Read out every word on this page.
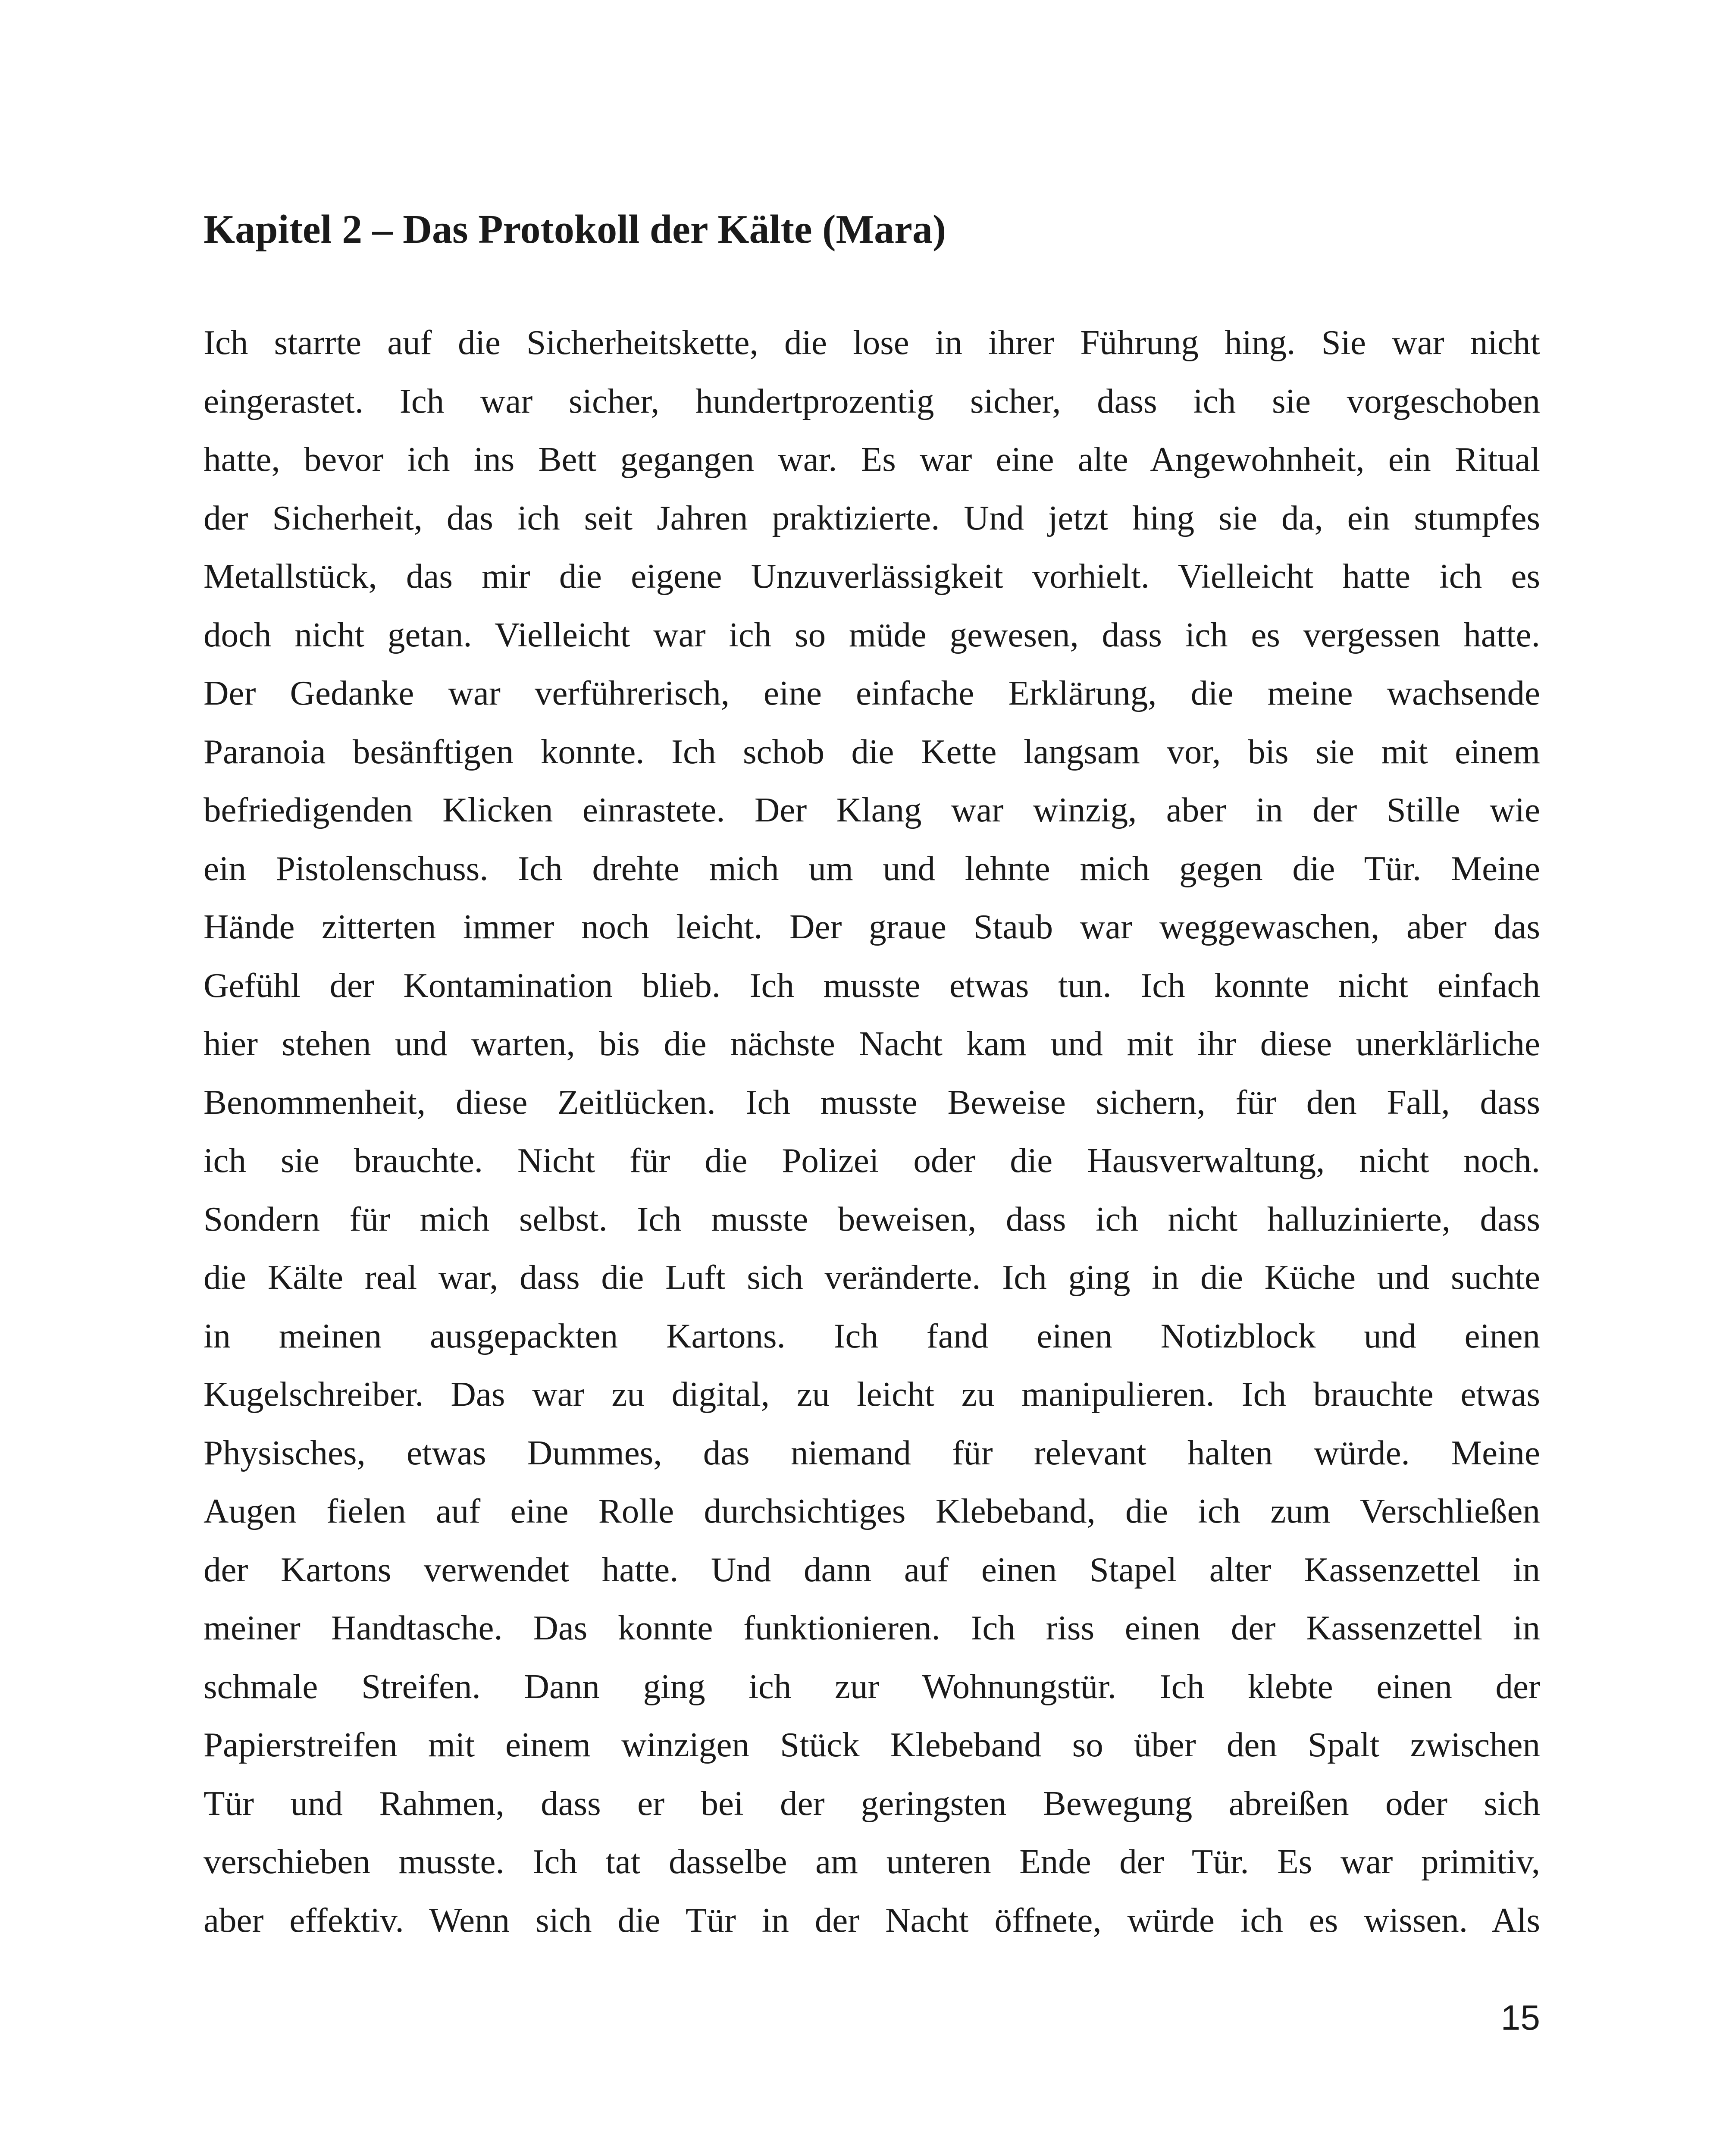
Kapitel 2 – Das Protokoll der Kälte (Mara)
Ich starrte auf die Sicherheitskette, die lose in ihrer Führung hing. Sie war nicht
eingerastet. Ich war sicher, hundertprozentig sicher, dass ich sie vorgeschoben
hatte, bevor ich ins Bett gegangen war. Es war eine alte Angewohnheit, ein Ritual
der Sicherheit, das ich seit Jahren praktizierte. Und jetzt hing sie da, ein stumpfes
Metallstück, das mir die eigene Unzuverlässigkeit vorhielt. Vielleicht hatte ich es
doch nicht getan. Vielleicht war ich so müde gewesen, dass ich es vergessen hatte.
Der Gedanke war verführerisch, eine einfache Erklärung, die meine wachsende
Paranoia besänftigen konnte. Ich schob die Kette langsam vor, bis sie mit einem
befriedigenden Klicken einrastete. Der Klang war winzig, aber in der Stille wie
ein Pistolenschuss. Ich drehte mich um und lehnte mich gegen die Tür. Meine
Hände zitterten immer noch leicht. Der graue Staub war weggewaschen, aber das
Gefühl der Kontamination blieb. Ich musste etwas tun. Ich konnte nicht einfach
hier stehen und warten, bis die nächste Nacht kam und mit ihr diese unerklärliche
Benommenheit, diese Zeitlücken. Ich musste Beweise sichern, für den Fall, dass
ich sie brauchte. Nicht für die Polizei oder die Hausverwaltung, nicht noch.
Sondern für mich selbst. Ich musste beweisen, dass ich nicht halluzinierte, dass
die Kälte real war, dass die Luft sich veränderte. Ich ging in die Küche und suchte
in meinen ausgepackten Kartons. Ich fand einen Notizblock und einen
Kugelschreiber. Das war zu digital, zu leicht zu manipulieren. Ich brauchte etwas
Physisches, etwas Dummes, das niemand für relevant halten würde. Meine
Augen fielen auf eine Rolle durchsichtiges Klebeband, die ich zum Verschließen
der Kartons verwendet hatte. Und dann auf einen Stapel alter Kassenzettel in
meiner Handtasche. Das konnte funktionieren. Ich riss einen der Kassenzettel in
schmale Streifen. Dann ging ich zur Wohnungstür. Ich klebte einen der
Papierstreifen mit einem winzigen Stück Klebeband so über den Spalt zwischen
Tür und Rahmen, dass er bei der geringsten Bewegung abreißen oder sich
verschieben musste. Ich tat dasselbe am unteren Ende der Tür. Es war primitiv,
aber effektiv. Wenn sich die Tür in der Nacht öffnete, würde ich es wissen. Als
15
